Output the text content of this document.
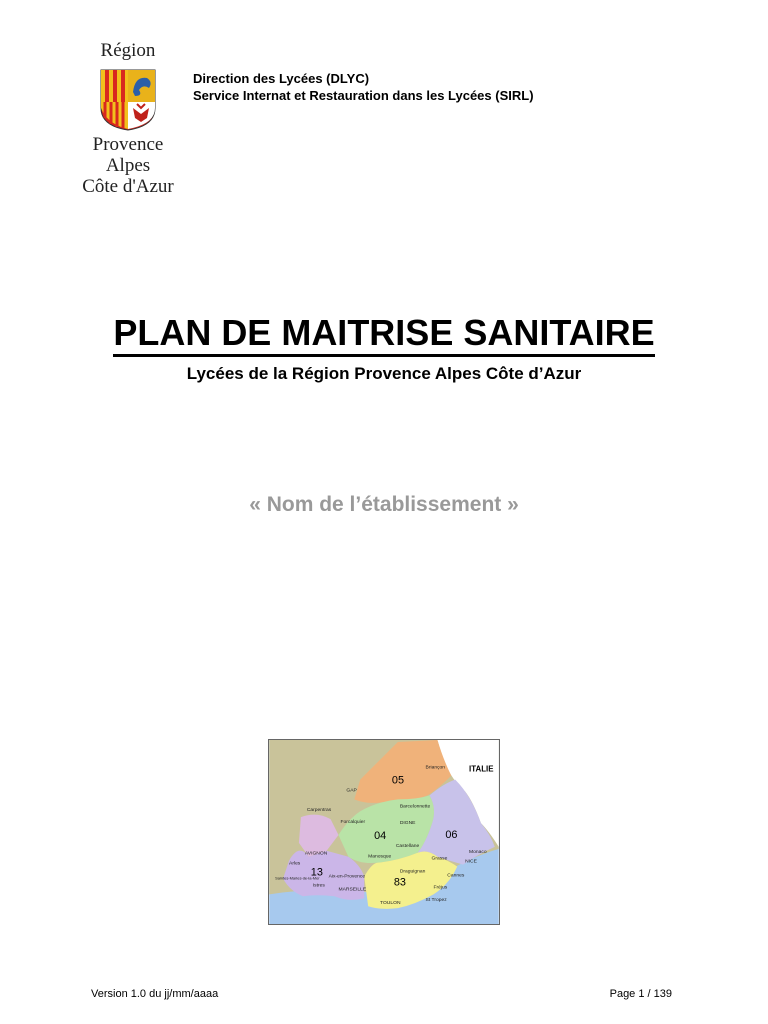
Région
Provence
Alpes
Côte d'Azur
Direction des Lycées (DLYC)
Service Internat et Restauration dans les Lycées (SIRL)
PLAN DE MAITRISE SANITAIRE
Lycées de la Région Provence Alpes Côte d’Azur
« Nom de l’établissement »
05
04	06
13
83
ITALIE
Briançon
GAP
Barcelonnette
DIGNE
Carpentras
Forcalquier
AVIGNON
Castellane
Manosque
Monaco
NICE
Grasse
Arles
Aix-en-Provence
Draguignan
Cannes
Saintes-Maries-de-la-Mer
Istres
MARSEILLE	Fréjus
St Tropez
TOULON
Version 1.0 du jj/mm/aaaa	Page 1 / 139
